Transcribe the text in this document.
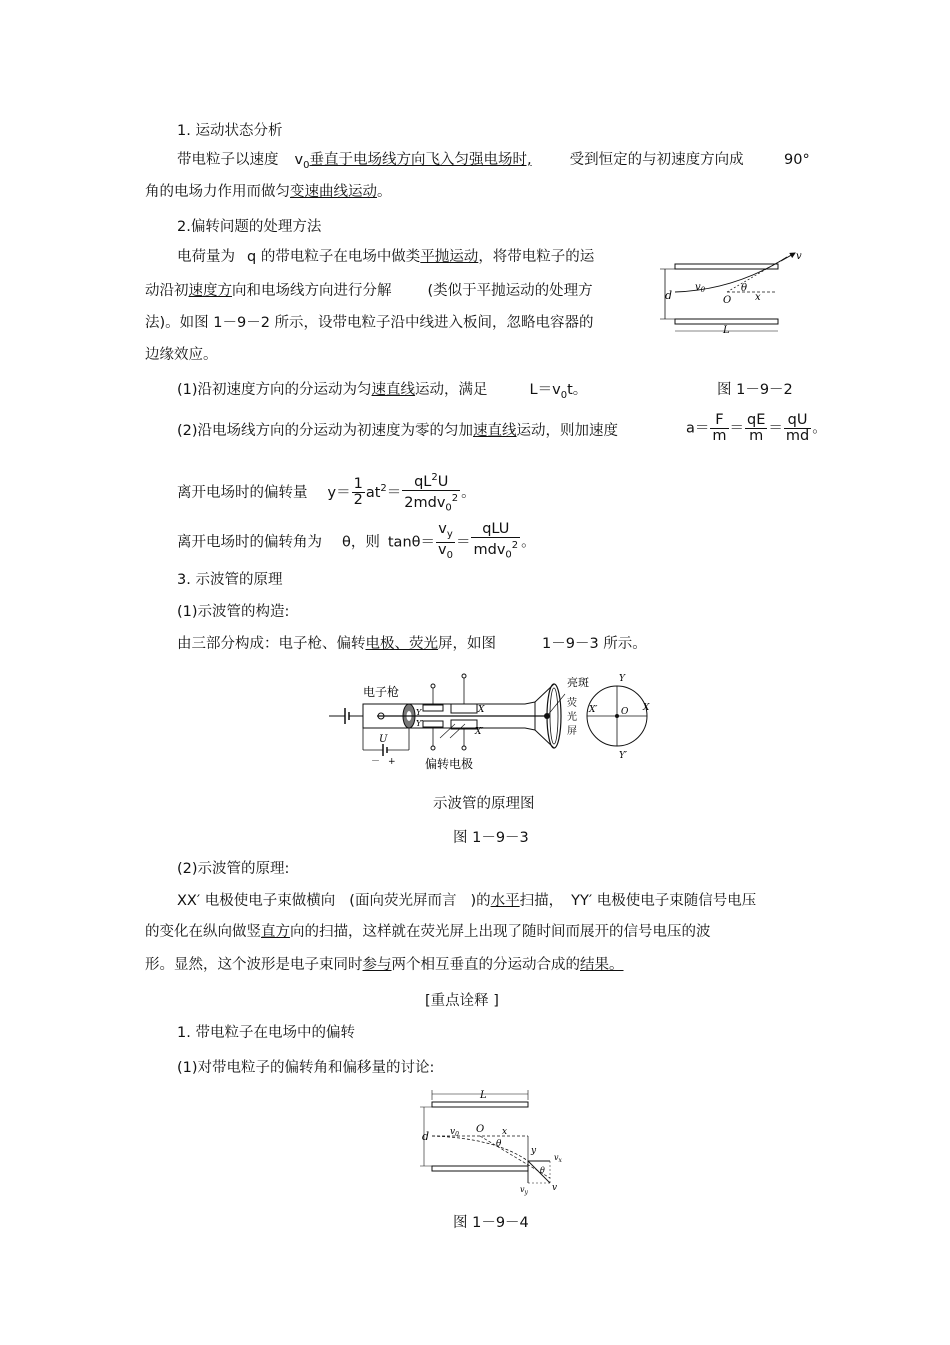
1. 运动状态分析
带电粒子以速度 $v_0$垂直于电场线方向飞入匀强电场时,	受到恒定的与初速度方向成	90°
角的电场力作用而做匀变速曲线运动。
2.偏转问题的处理方法
电荷量为 q 的带电粒子在电场中做类平抛运动，将带电粒子的运
动沿初速度方向和电场线方向进行分解 (类似于平抛运动的处理方
法)。如图 1－9－2 所示，设带电粒子沿中线进入板间，忽略电容器的
边缘效应。
v
$v_0$
d
θ
O x
L
(1)沿初速度方向的分运动为匀速直线运动，满足	$L=v_0t$。	图 1－9－2
(2)沿电场线方向的分运动为初速度为零的匀加速直线运动，则加速度	$a= \frac{F}{m} = \frac{qE}{m} = \frac{qU}{md}$ 。
离开电场时的偏转量 $y= \frac{1}{2} at^2= \frac{qL^2U}{2mdv_0^2}$ 。
离开电场时的偏转角为 θ，则 $\tan\theta= \frac{v_y}{v_0} = \frac{\text{qLU}}{mdv_0^2}$ 。
3. 示波管的原理
(1)示波管的构造:
由三部分构成：电子枪、偏转电极、荧光屏，如图	1－9－3 所示。
电子枪
Y
Y′
X
X′
U
－ + 偏转电极
亮斑
荧
光
屏
Y
Y′
X
X′	O
示波管的原理图
图 1－9－3
(2)示波管的原理:
XX′ 电极使电子束做横向 (面向荧光屏而言 )的水平扫描， YY′ 电极使电子束随信号电压
的变化在纵向做竖直方向的扫描，这样就在荧光屏上出现了随时间而展开的信号电压的波
形。显然，这个波形是电子束同时参与两个相互垂直的分运动合成的结果。
[重点诠释 ]
1. 带电粒子在电场中的偏转
(1)对带电粒子的偏转角和偏移量的讨论:
L
d $v_0$ O x
θ
y
$v_x$
θ
$v_y$	v
图 1－9－4
